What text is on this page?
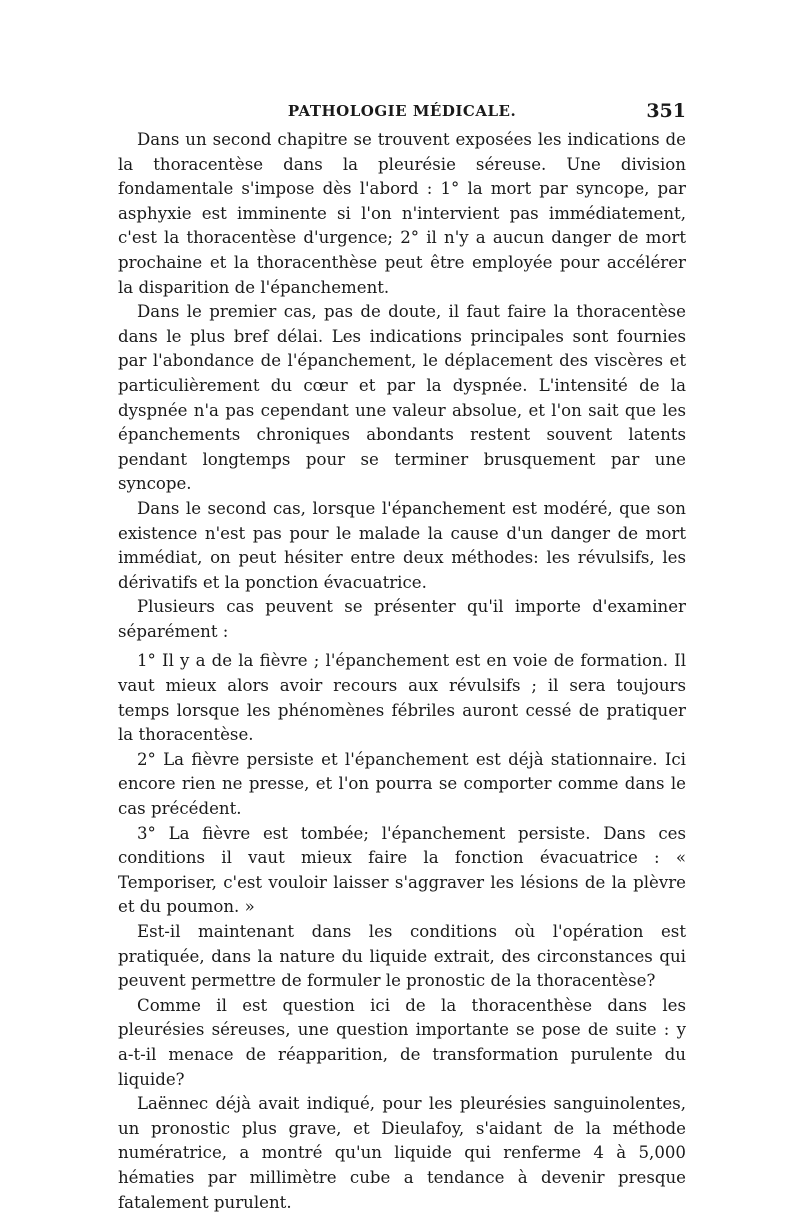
PATHOLOGIE MÉDICALE.	351

Dans un second chapitre se trouvent exposées les indications de la thoracentèse dans la pleurésie séreuse. Une division fondamentale s'impose dès l'abord : 1° la mort par syncope, par asphyxie est imminente si l'on n'intervient pas immédiatement, c'est la thoracentèse d'urgence; 2° il n'y a aucun danger de mort prochaine et la thoracenthèse peut être employée pour accélérer la disparition de l'épanchement.

Dans le premier cas, pas de doute, il faut faire la thoracentèse dans le plus bref délai. Les indications principales sont fournies par l'abondance de l'épanchement, le déplacement des viscères et particulièrement du cœur et par la dyspnée. L'intensité de la dyspnée n'a pas cependant une valeur absolue, et l'on sait que les épanchements chroniques abondants restent souvent latents pendant longtemps pour se terminer brusquement par une syncope.

Dans le second cas, lorsque l'épanchement est modéré, que son existence n'est pas pour le malade la cause d'un danger de mort immédiat, on peut hésiter entre deux méthodes: les révulsifs, les dérivatifs et la ponction évacuatrice.

Plusieurs cas peuvent se présenter qu'il importe d'examiner séparément :

1° Il y a de la fièvre ; l'épanchement est en voie de formation. Il vaut mieux alors avoir recours aux révulsifs ; il sera toujours temps lorsque les phénomènes fébriles auront cessé de pratiquer la thoracentèse.

2° La fièvre persiste et l'épanchement est déjà stationnaire. Ici encore rien ne presse, et l'on pourra se comporter comme dans le cas précédent.

3° La fièvre est tombée; l'épanchement persiste. Dans ces conditions il vaut mieux faire la fonction évacuatrice : « Temporiser, c'est vouloir laisser s'aggraver les lésions de la plèvre et du poumon. »

Est-il maintenant dans les conditions où l'opération est pratiquée, dans la nature du liquide extrait, des circonstances qui peuvent permettre de formuler le pronostic de la thoracentèse?

Comme il est question ici de la thoracenthèse dans les pleurésies séreuses, une question importante se pose de suite : y a-t-il menace de réapparition, de transformation purulente du liquide?

Laënnec déjà avait indiqué, pour les pleurésies sanguinolentes, un pronostic plus grave, et Dieulafoy, s'aidant de la méthode numératrice, a montré qu'un liquide qui renferme 4 à 5,000 hématies par millimètre cube a tendance à devenir presque fatalement purulent.
